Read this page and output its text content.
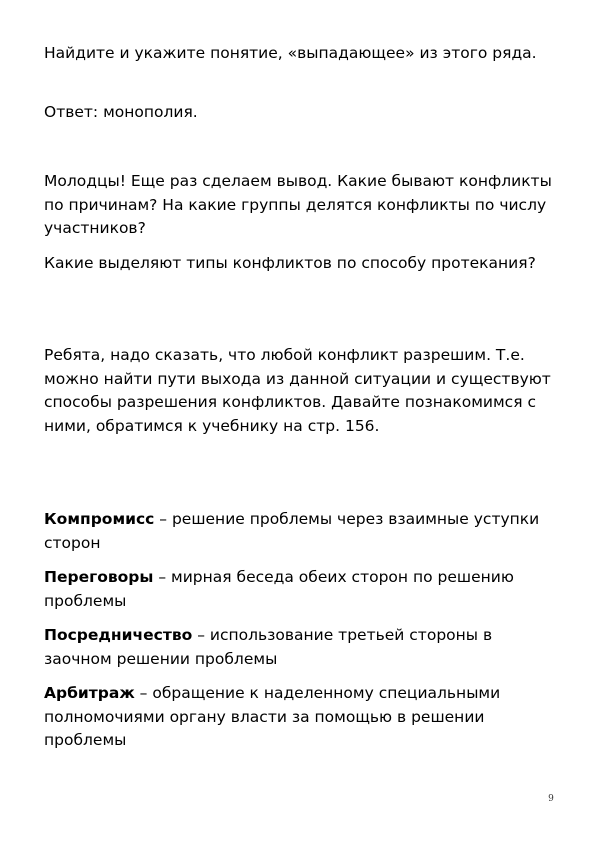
Найдите и укажите понятие, «выпадающее» из этого ряда.

Ответ: монополия.

Молодцы! Еще раз сделаем вывод. Какие бывают конфликты по причинам? На какие группы делятся конфликты по числу участников?

Какие выделяют типы конфликтов по способу протекания?

Ребята, надо сказать, что любой конфликт разрешим. Т.е. можно найти пути выхода из данной ситуации и существуют способы разрешения конфликтов. Давайте познакомимся с ними, обратимся к учебнику на стр. 156.

Компромисс – решение проблемы через взаимные уступки сторон

Переговоры – мирная беседа обеих сторон по решению проблемы

Посредничество – использование третьей стороны в заочном решении проблемы

Арбитраж – обращение к наделенному специальными полномочиями органу власти за помощью в решении проблемы

9
